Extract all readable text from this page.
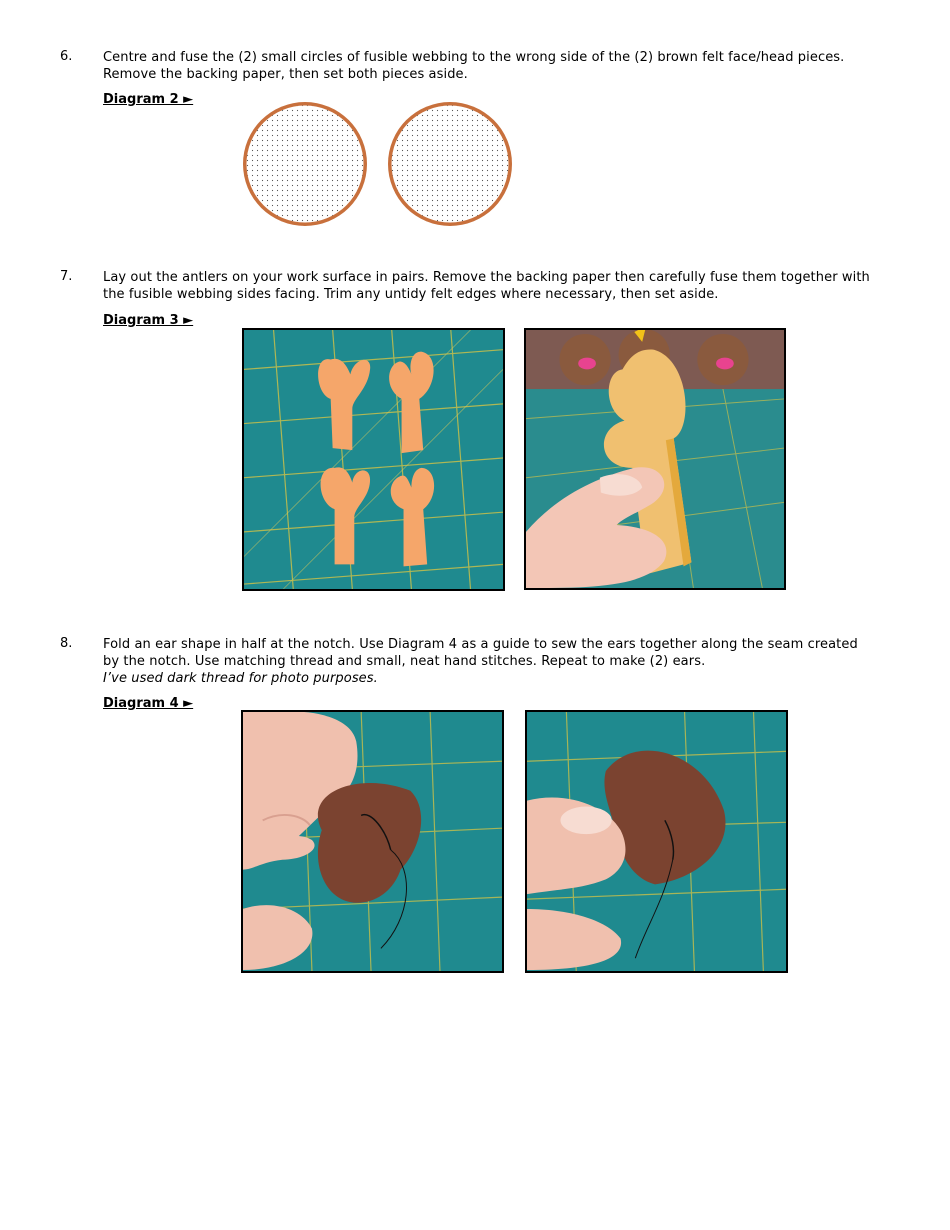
6. Centre and fuse the (2) small circles of fusible webbing to the wrong side of the (2) brown felt face/head pieces.

Remove the backing paper, then set both pieces aside.

Diagram 2 ►
7. Lay out the antlers on your work surface in pairs. Remove the backing paper then carefully fuse them together with

the fusible webbing sides facing. Trim any untidy felt edges where necessary, then set aside.

Diagram 3 ►
8. Fold an ear shape in half at the notch. Use Diagram 4 as a guide to sew the ears together along the seam created

by the notch. Use matching thread and small, neat hand stitches. Repeat to make (2) ears.

I’ve used dark thread for photo purposes.

Diagram 4 ►
